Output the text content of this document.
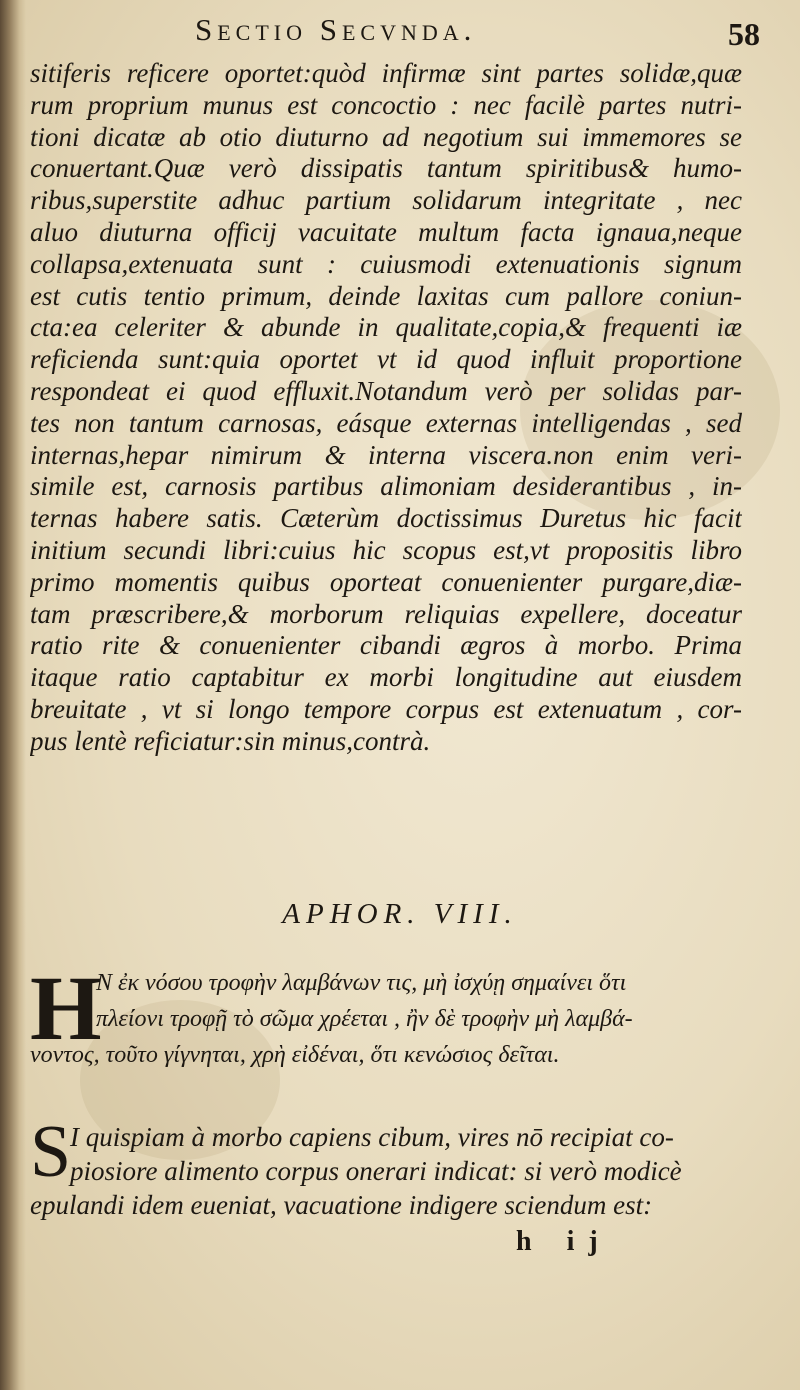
Sectio Secvnda.	58
sitiferis reficere oportet:quòd infirmæ sint partes solidæ,quæ
rum proprium munus est concoctio : nec facilè partes nutri-
tioni dicatæ ab otio diuturno ad negotium sui immemores se
conuertant.Quæ verò dissipatis tantum spiritibus& humo-
ribus,superstite adhuc partium solidarum integritate , nec
aluo diuturna officij vacuitate multum facta ignaua,neque
collapsa,extenuata sunt : cuiusmodi extenuationis signum
est cutis tentio primum, deinde laxitas cum pallore coniun-
cta:ea celeriter & abunde in qualitate,copia,& frequenti iæ
reficienda sunt:quia oportet vt id quod influit proportione
respondeat ei quod effluxit.Notandum verò per solidas par-
tes non tantum carnosas, eásque externas intelligendas , sed
internas,hepar nimirum & interna viscera.non enim veri-
simile est, carnosis partibus alimoniam desiderantibus , in-
ternas habere satis. Cæterùm doctissimus Duretus hic facit
initium secundi libri:cuius hic scopus est,vt propositis libro
primo momentis quibus oporteat conuenienter purgare,diæ-
tam præscribere,& morborum reliquias expellere, doceatur
ratio rite & conuenienter cibandi ægros à morbo. Prima
itaque ratio captabitur ex morbi longitudine aut eiusdem
breuitate , vt si longo tempore corpus est extenuatum , cor-
pus lentè reficiatur:sin minus,contrà.
APHOR. VIII.
H
Ν ἐκ νόσου τροφὴν λαμβάνων τις, μὴ ἰσχύῃ σημαίνει ὅτι
πλείονι τροφῇ τὸ σῶμα χρέεται , ἢν δὲ τροφὴν μὴ λαμβά-
νοντος, τοῦτο γίγνηται, χρὴ εἰδέναι, ὅτι κενώσιος δεῖται.
S
I quispiam à morbo capiens cibum, vires nō recipiat co-
piosiore alimento corpus onerari indicat: si verò modicè
epulandi idem eueniat, vacuatione indigere sciendum est:
h ij
